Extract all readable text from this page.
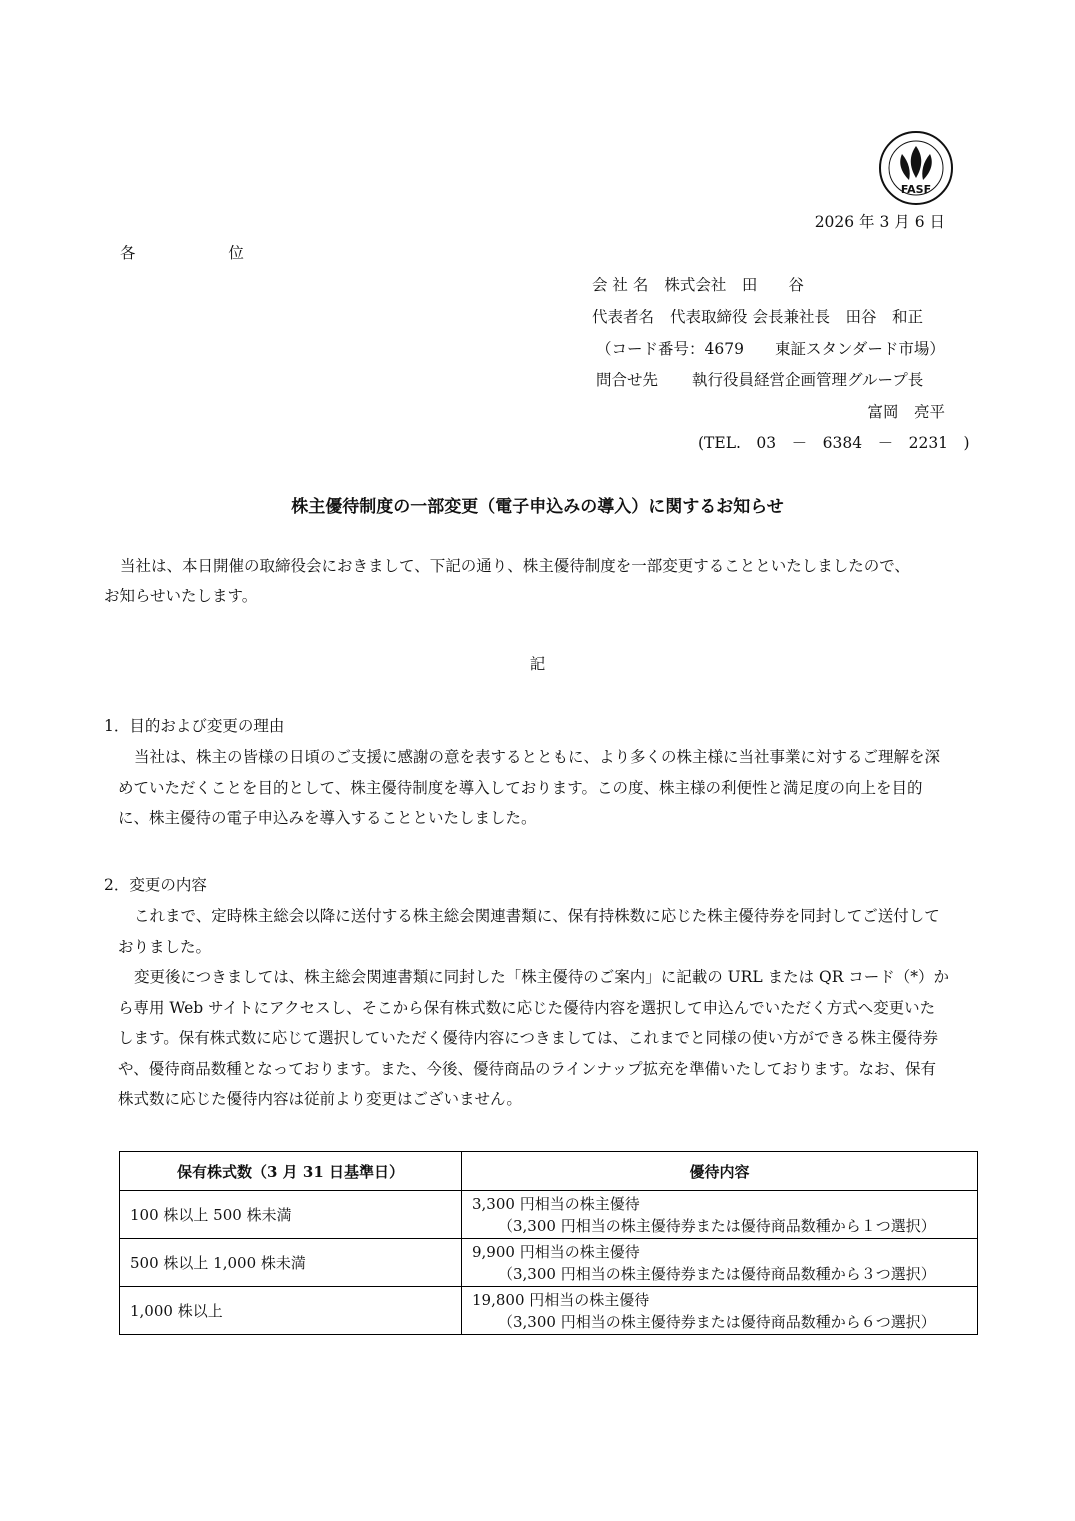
FASF
2026 年 3 月 6 日
各 位
会 社 名 株式会社　田　　谷
代表者名 代表取締役 会長兼社長　田谷　和正
（コード番号：4679　　東証スタンダード市場）
問合せ先 執行役員経営企画管理グループ長
富岡　亮平
(TEL.　03　－　6384　－　2231　)
株主優待制度の一部変更（電子申込みの導入）に関するお知らせ

当社は、本日開催の取締役会におきまして、下記の通り、株主優待制度を一部変更することといたしましたので、

お知らせいたします。

記
1．目的および変更の理由

当社は、株主の皆様の日頃のご支援に感謝の意を表するとともに、より多くの株主様に当社事業に対するご理解を深めていただくことを目的として、株主優待制度を導入しております。この度、株主様の利便性と満足度の向上を目的に、株主優待の電子申込みを導入することといたしました。

2．変更の内容

これまで、定時株主総会以降に送付する株主総会関連書類に、保有持株数に応じた株主優待券を同封してご送付しておりました。

変更後につきましては、株主総会関連書類に同封した「株主優待のご案内」に記載の URL または QR コード（*）から専用 Web サイトにアクセスし、そこから保有株式数に応じた優待内容を選択して申込んでいただく方式へ変更いたします。保有株式数に応じて選択していただく優待内容につきましては、これまでと同様の使い方ができる株主優待券や、優待商品数種となっております。また、今後、優待商品のラインナップ拡充を準備いたしております。なお、保有株式数に応じた優待内容は従前より変更はございません。

保有株式数（3 月 31 日基準日）	優待内容
100 株以上 500 株未満	3,300 円相当の株主優待
（3,300 円相当の株主優待券または優待商品数種から１つ選択）

500 株以上 1,000 株未満	9,900 円相当の株主優待
（3,300 円相当の株主優待券または優待商品数種から３つ選択）

1,000 株以上	19,800 円相当の株主優待
（3,300 円相当の株主優待券または優待商品数種から６つ選択）
